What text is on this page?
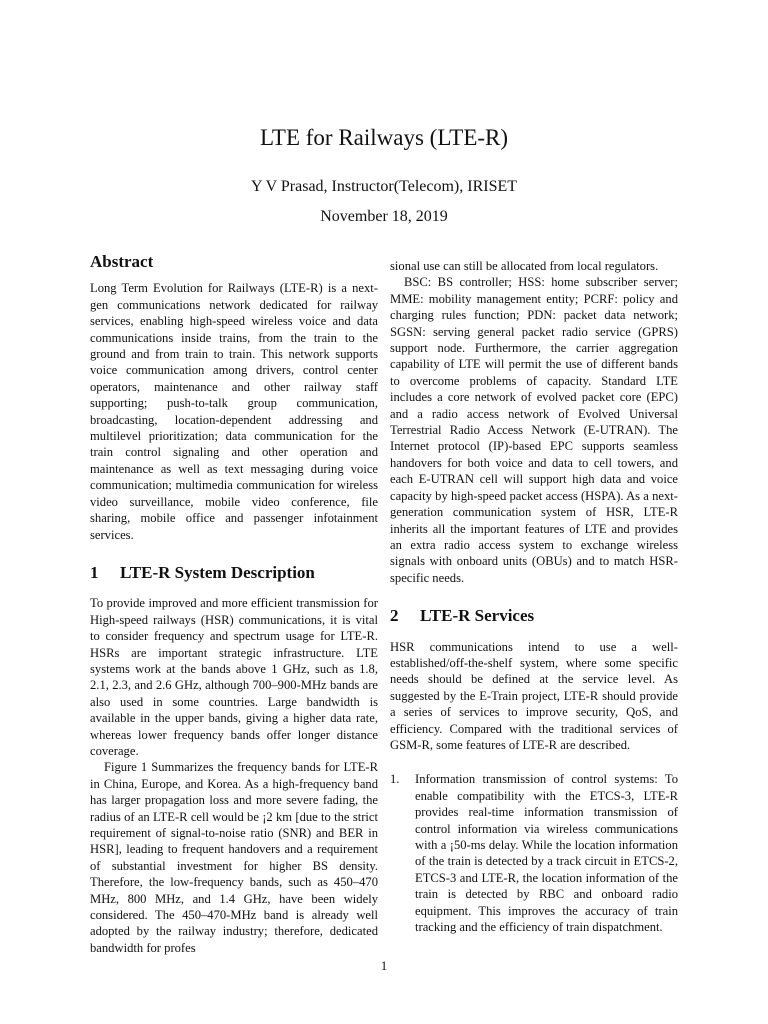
LTE for Railways (LTE-R)
Y V Prasad, Instructor(Telecom), IRISET
November 18, 2019
Abstract

Long Term Evolution for Railways (LTE-R) is a next-gen communications network dedicated for railway services, enabling high-speed wireless voice and data communications inside trains, from the train to the ground and from train to train. This network supports voice communication among drivers, control center operators, maintenance and other railway staff supporting; push-to-talk group communication, broadcasting, location-dependent addressing and multilevel prioritization; data communication for the train control signaling and other operation and maintenance as well as text messaging during voice communication; multimedia communication for wireless video surveillance, mobile video conference, file sharing, mobile office and passenger infotainment services.

1 LTE-R System Description

To provide improved and more efficient transmission for High-speed railways (HSR) communications, it is vital to consider frequency and spectrum usage for LTE-R. HSRs are important strategic infrastructure. LTE systems work at the bands above 1 GHz, such as 1.8, 2.1, 2.3, and 2.6 GHz, although 700–900-MHz bands are also used in some countries. Large bandwidth is available in the upper bands, giving a higher data rate, whereas lower frequency bands offer longer distance coverage.

Figure 1 Summarizes the frequency bands for LTE-R in China, Europe, and Korea. As a high-frequency band has larger propagation loss and more severe fading, the radius of an LTE-R cell would be ¡2 km [due to the strict requirement of signal-to-noise ratio (SNR) and BER in HSR], leading to frequent handovers and a requirement of substantial investment for higher BS density. Therefore, the low-frequency bands, such as 450–470 MHz, 800 MHz, and 1.4 GHz, have been widely considered. The 450–470-MHz band is already well adopted by the railway industry; therefore, dedicated bandwidth for profes

sional use can still be allocated from local regulators.

BSC: BS controller; HSS: home subscriber server; MME: mobility management entity; PCRF: policy and charging rules function; PDN: packet data network; SGSN: serving general packet radio service (GPRS) support node. Furthermore, the carrier aggregation capability of LTE will permit the use of different bands to overcome problems of capacity. Standard LTE includes a core network of evolved packet core (EPC) and a radio access network of Evolved Universal Terrestrial Radio Access Network (E-UTRAN). The Internet protocol (IP)-based EPC supports seamless handovers for both voice and data to cell towers, and each E-UTRAN cell will support high data and voice capacity by high-speed packet access (HSPA). As a next-generation communication system of HSR, LTE-R inherits all the important features of LTE and provides an extra radio access system to exchange wireless signals with onboard units (OBUs) and to match HSR-specific needs.

2 LTE-R Services

HSR communications intend to use a well-established/off-the-shelf system, where some specific needs should be defined at the service level. As suggested by the E-Train project, LTE-R should provide a series of services to improve security, QoS, and efficiency. Compared with the traditional services of GSM-R, some features of LTE-R are described.

1.	Information transmission of control systems: To enable compatibility with the ETCS-3, LTE-R provides real-time information transmission of control information via wireless communications with a ¡50-ms delay. While the location information of the train is detected by a track circuit in ETCS-2, ETCS-3 and LTE-R, the location information of the train is detected by RBC and onboard radio equipment. This improves the accuracy of train tracking and the efficiency of train dispatchment.
1
